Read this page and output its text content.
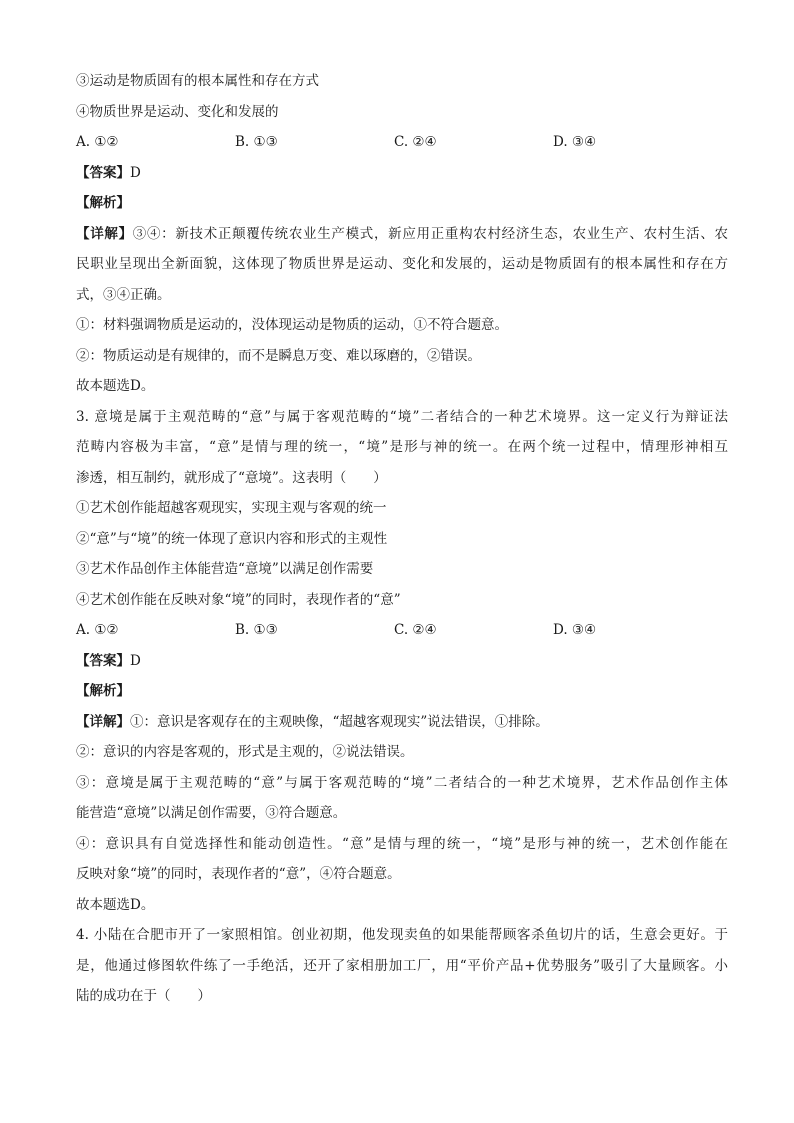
③运动是物质固有的根本属性和存在方式
④物质世界是运动、变化和发展的
A. ①②	B. ①③	C. ②④	D. ③④
【答案】D
【解析】
【详解】③④：新技术正颠覆传统农业生产模式，新应用正重构农村经济生态，农业生产、农村生活、农
民职业呈现出全新面貌，这体现了物质世界是运动、变化和发展的，运动是物质固有的根本属性和存在方
式，③④正确。
①：材料强调物质是运动的，没体现运动是物质的运动，①不符合题意。
②：物质运动是有规律的，而不是瞬息万变、难以琢磨的，②错误。
故本题选D。
3. 意境是属于主观范畴的“意”与属于客观范畴的“境”二者结合的一种艺术境界。这一定义行为辩证法
范畴内容极为丰富，“意”是情与理的统一，“境”是形与神的统一。在两个统一过程中，情理形神相互
渗透，相互制约，就形成了“意境”。这表明（　　）
①艺术创作能超越客观现实，实现主观与客观的统一
②“意”与“境”的统一体现了意识内容和形式的主观性
③艺术作品创作主体能营造“意境”以满足创作需要
④艺术创作能在反映对象“境”的同时，表现作者的“意”
A. ①②	B. ①③	C. ②④	D. ③④
【答案】D
【解析】
【详解】①：意识是客观存在的主观映像，“超越客观现实”说法错误，①排除。
②：意识的内容是客观的，形式是主观的，②说法错误。
③：意境是属于主观范畴的“意”与属于客观范畴的“境”二者结合的一种艺术境界，艺术作品创作主体
能营造“意境”以满足创作需要，③符合题意。
④：意识具有自觉选择性和能动创造性。“意”是情与理的统一，“境”是形与神的统一，艺术创作能在
反映对象“境”的同时，表现作者的“意”，④符合题意。
故本题选D。
4. 小陆在合肥市开了一家照相馆。创业初期，他发现卖鱼的如果能帮顾客杀鱼切片的话，生意会更好。于
是，他通过修图软件练了一手绝活，还开了家相册加工厂，用“平价产品+优势服务”吸引了大量顾客。小
陆的成功在于（　　）
